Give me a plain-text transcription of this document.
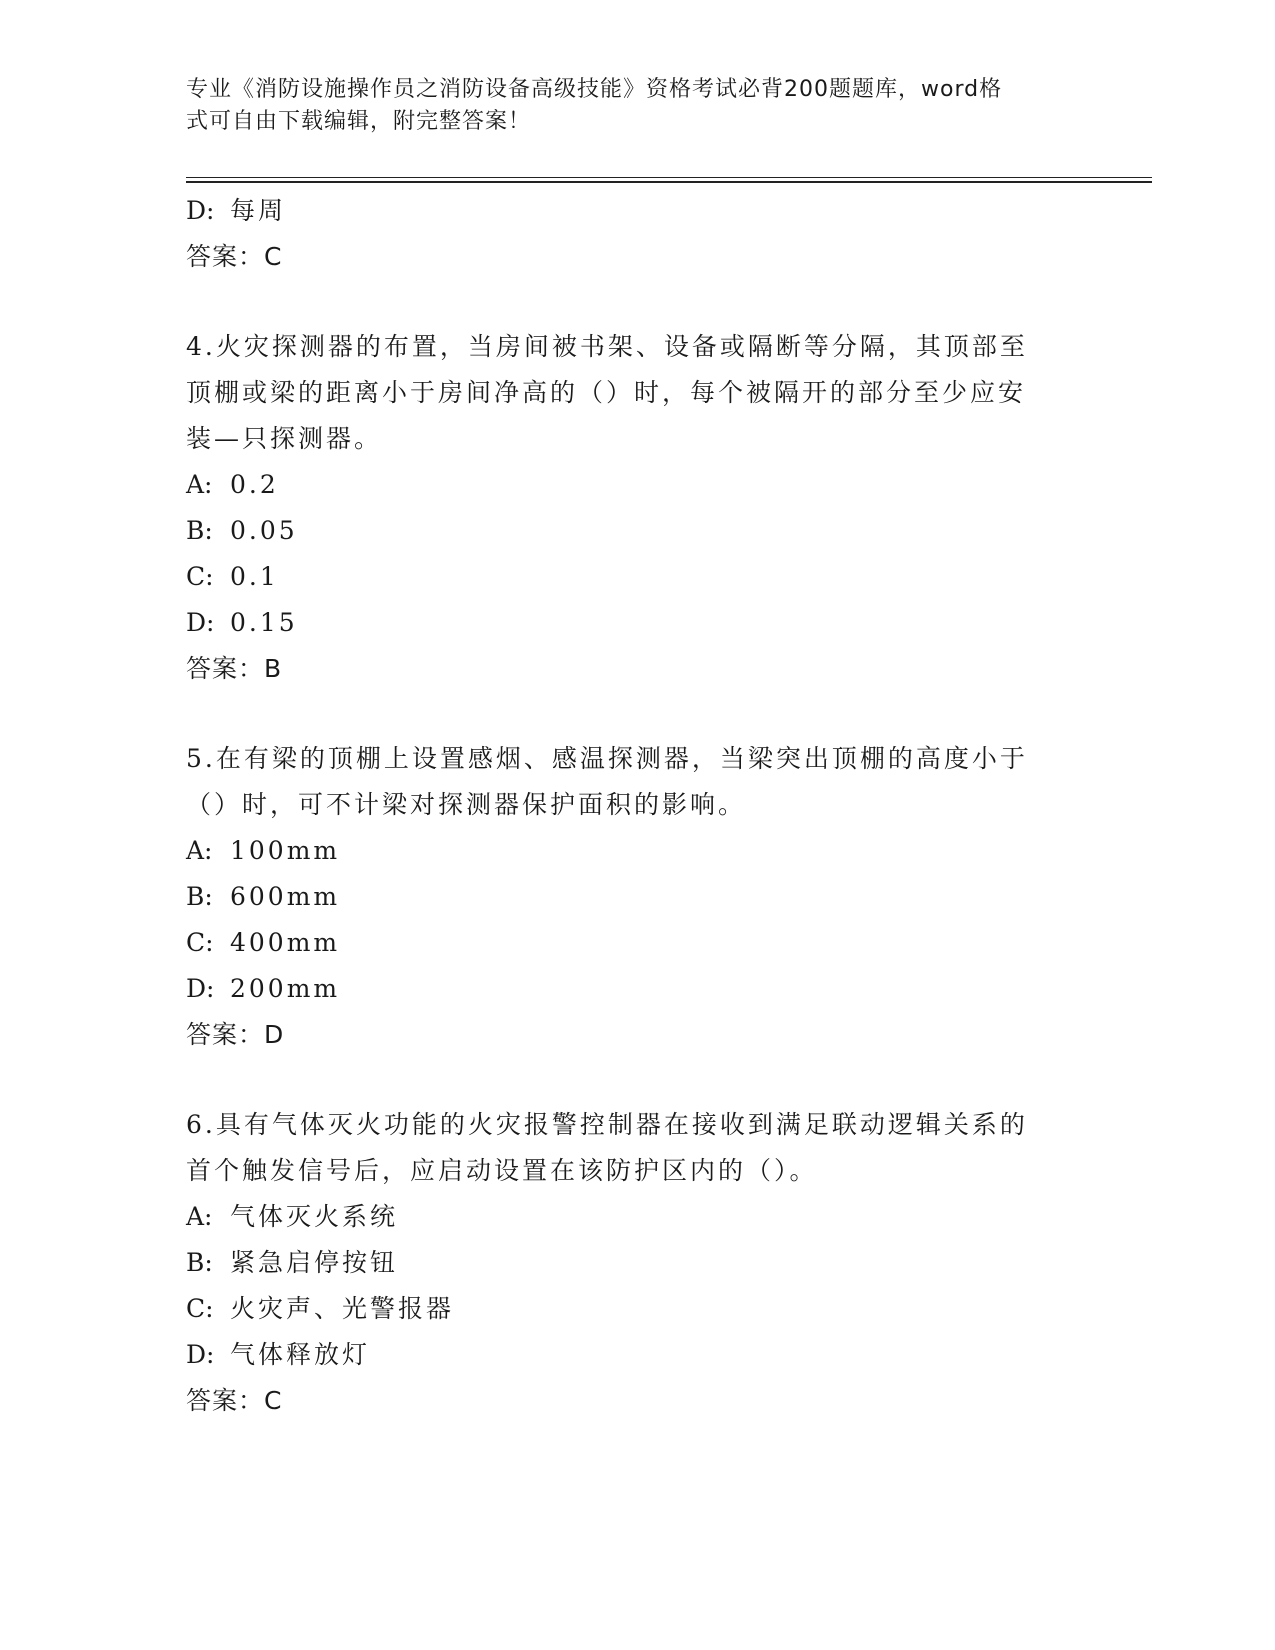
专业《消防设施操作员之消防设备高级技能》资格考试必背200题题库，word格
式可自由下载编辑，附完整答案！
D: 每周
答案：C
4.火灾探测器的布置，当房间被书架、设备或隔断等分隔，其顶部至
顶棚或梁的距离小于房间净高的（）时，每个被隔开的部分至少应安
装—只探测器。
A: 0.2
B: 0.05
C: 0.1
D: 0.15
答案：B
5.在有梁的顶棚上设置感烟、感温探测器，当梁突出顶棚的高度小于
（）时，可不计梁对探测器保护面积的影响。
A: 100mm
B: 600mm
C: 400mm
D: 200mm
答案：D
6.具有气体灭火功能的火灾报警控制器在接收到满足联动逻辑关系的
首个触发信号后，应启动设置在该防护区内的（）。
A: 气体灭火系统
B: 紧急启停按钮
C: 火灾声、光警报器
D: 气体释放灯
答案：C
